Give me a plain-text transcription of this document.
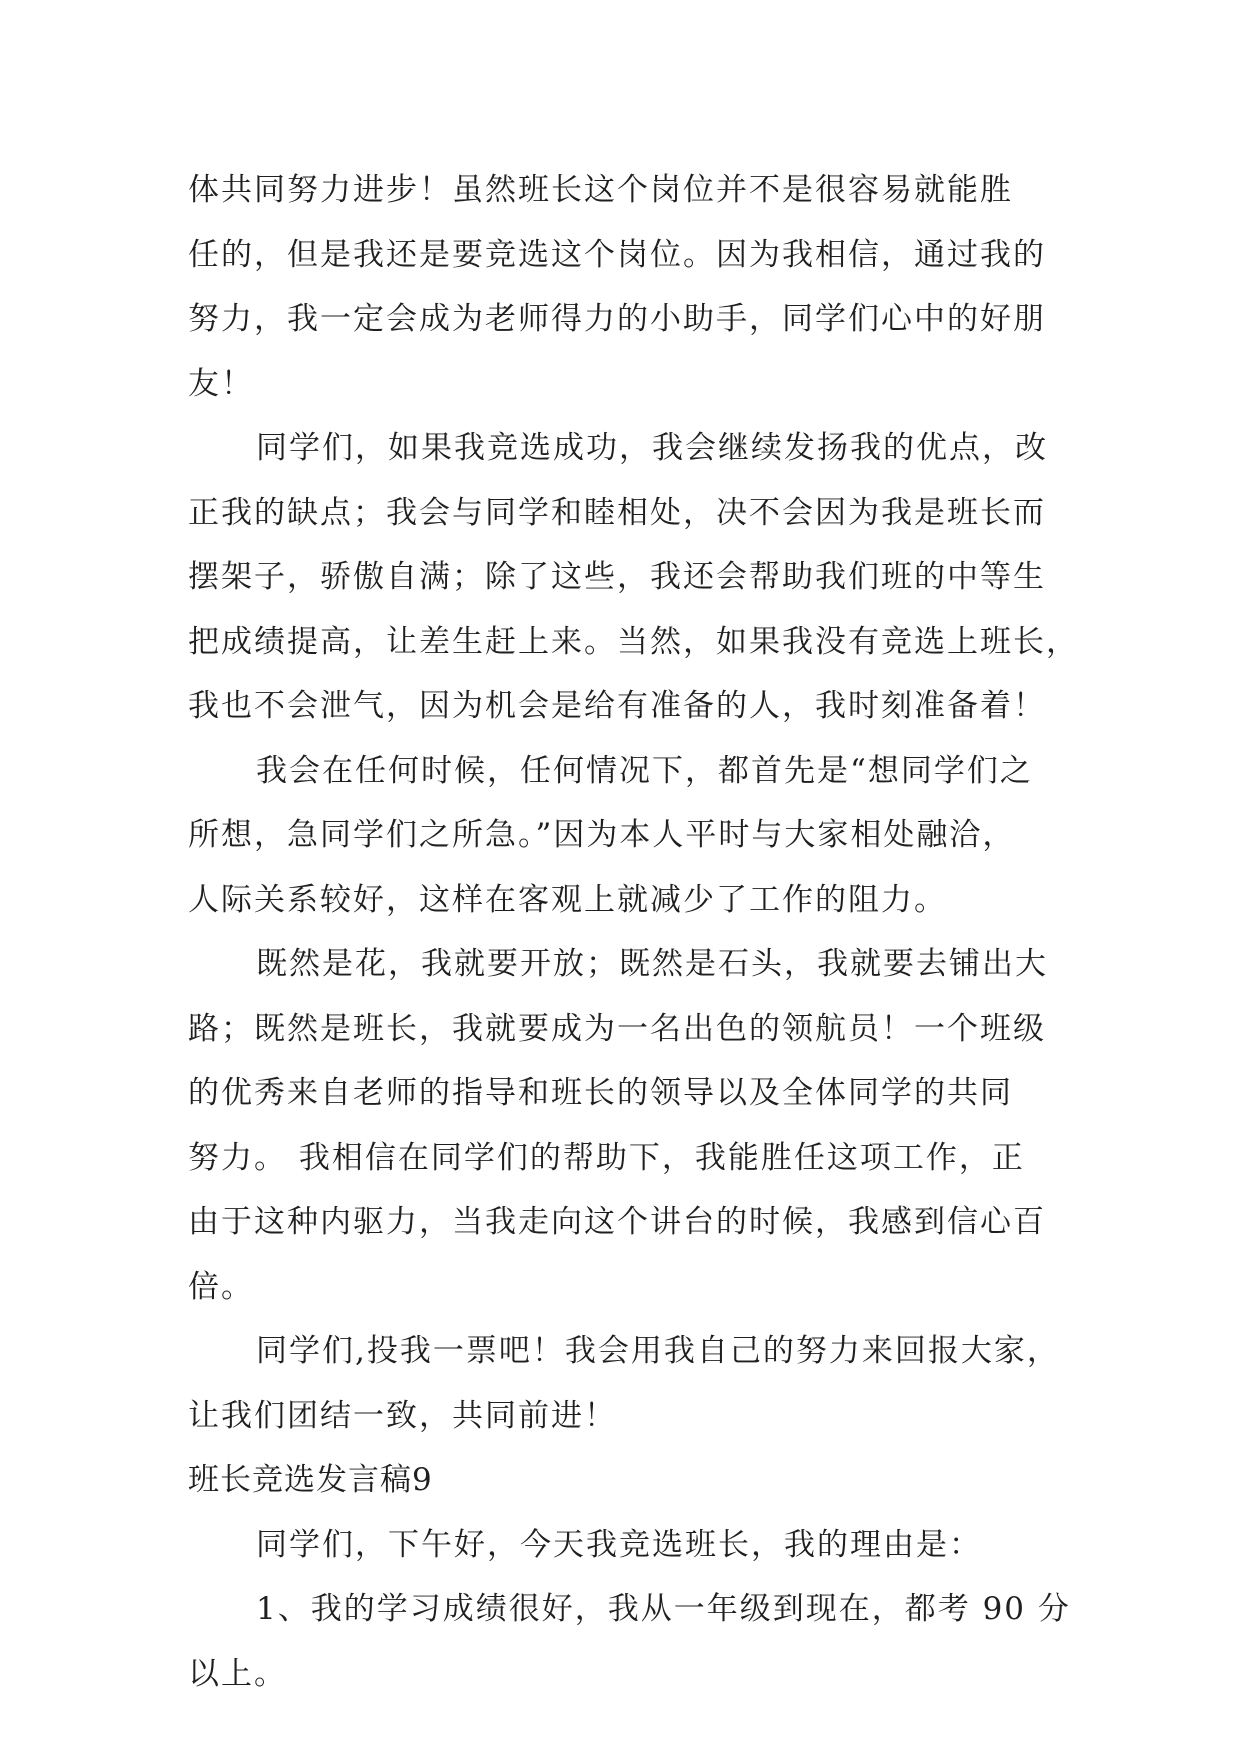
体共同努力进步！虽然班长这个岗位并不是很容易就能胜
任的，但是我还是要竞选这个岗位。因为我相信，通过我的
努力，我一定会成为老师得力的小助手，同学们心中的好朋
友！
同学们，如果我竞选成功，我会继续发扬我的优点，改
正我的缺点；我会与同学和睦相处，决不会因为我是班长而
摆架子，骄傲自满；除了这些，我还会帮助我们班的中等生
把成绩提高，让差生赶上来。当然，如果我没有竞选上班长，
我也不会泄气，因为机会是给有准备的人，我时刻准备着！
我会在任何时候，任何情况下，都首先是“想同学们之
所想，急同学们之所急。”因为本人平时与大家相处融洽，
人际关系较好，这样在客观上就减少了工作的阻力。
既然是花，我就要开放；既然是石头，我就要去铺出大
路；既然是班长，我就要成为一名出色的领航员！一个班级
的优秀来自老师的指导和班长的领导以及全体同学的共同
努力。 我相信在同学们的帮助下，我能胜任这项工作，正
由于这种内驱力，当我走向这个讲台的时候，我感到信心百
倍。
同学们,投我一票吧！我会用我自己的努力来回报大家，
让我们团结一致，共同前进！
班长竞选发言稿9
同学们，下午好，今天我竞选班长，我的理由是：
1、我的学习成绩很好，我从一年级到现在，都考 90 分
以上。
